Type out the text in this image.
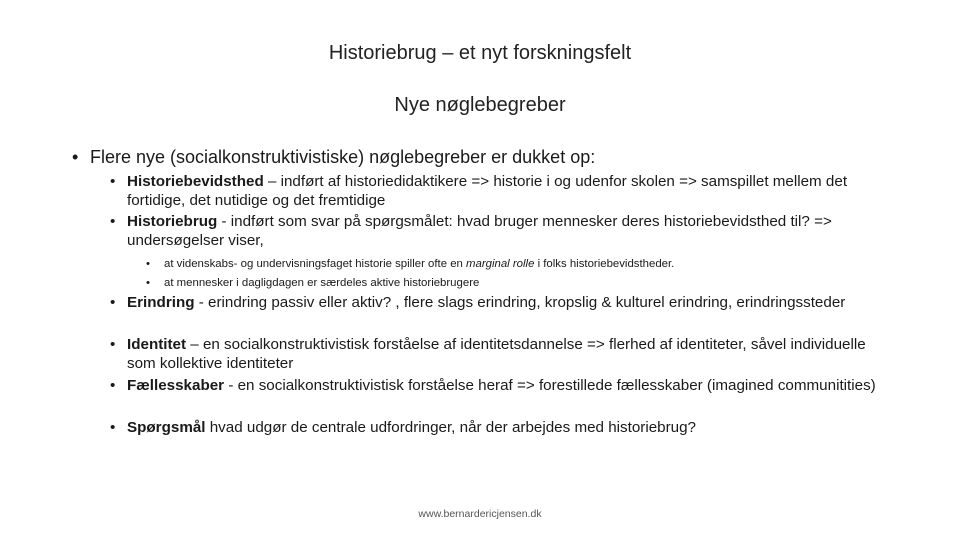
Historiebrug – et nyt forskningsfelt
Nye nøglebegreber
• Flere nye (socialkonstruktivistiske) nøglebegreber er dukket op:
• Historiebevidsthed – indført af historiedidaktikere => historie i og udenfor skolen => samspillet mellem det fortidige, det nutidige og det fremtidige
• Historiebrug - indført som svar på spørgsmålet: hvad bruger mennesker deres historiebevidsthed til? => undersøgelser viser,
•	at videnskabs- og undervisningsfaget historie spiller ofte en marginal rolle i folks historiebevidstheder.
•	at mennesker i dagligdagen er særdeles aktive historiebrugere
• Erindring - erindring passiv eller aktiv? , flere slags erindring, kropslig & kulturel erindring, erindringssteder
• Identitet – en socialkonstruktivistisk forståelse af identitetsdannelse => flerhed af identiteter, såvel individuelle som kollektive identiteter
• Fællesskaber - en socialkonstruktivistisk forståelse heraf => forestillede fællesskaber (imagined communitities)
• Spørgsmål hvad udgør de centrale udfordringer, når der arbejdes med historiebrug?
www.bernardericjensen.dk
